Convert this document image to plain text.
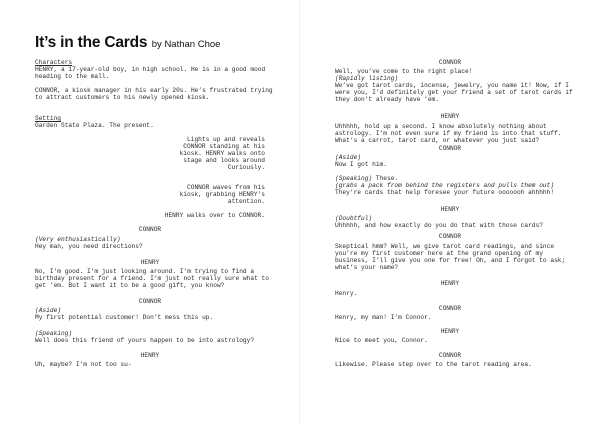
It’s in the Cards by Nathan Choe
Characters
HENRY, a 17-year-old boy, in high school. He is in a good mood
heading to the mall.
CONNOR, a kiosk manager in his early 20s. He’s frustrated trying
to attract customers to his newly opened kiosk.
Setting
Garden State Plaza. The present.
Lights up and reveals
CONNOR standing at his
kiosk. HENRY walks onto
stage and looks around
Curiously.
CONNOR waves from his
kiosk, grabbing HENRY’s
attention.
HENRY walks over to CONNOR.
CONNOR
(Very enthusiastically)
Hey man, you need directions?
HENRY
No, I’m good. I’m just looking around. I’m trying to find a
birthday present for a friend. I’m just not really sure what to
get ’em. But I want it to be a good gift, you know?
CONNOR
(Aside)
My first potential customer! Don’t mess this up.
(Speaking)
Well does this friend of yours happen to be into astrology?
HENRY
Uh, maybe? I’m not too su-
CONNOR
Well, you’ve come to the right place!
(Rapidly listing)
We’ve got tarot cards, incense, jewelry, you name it! Now, if I
were you, I’d definitely get your friend a set of tarot cards if
they don’t already have ’em.
HENRY
Uhhhhh, hold up a second. I know absolutely nothing about
astrology. I’m not even sure if my friend is into that stuff.
What’s a carrot, tarot card, or whatever you just said?
CONNOR
(Aside)
Now I got him.
(Speaking) These.
(grabs a pack from behind the registers and pulls them out)
They’re cards that help foresee your future ooooooh ahhhhh!
HENRY
(Doubtful)
Uhhhhh, and how exactly do you do that with those cards?
CONNOR
Skeptical hmm? Well, we give tarot card readings, and since
you’re my first customer here at the grand opening of my
business, I’ll give you one for free! Oh, and I forgot to ask;
what’s your name?
HENRY
Henry.
CONNOR
Henry, my man! I’m Connor.
HENRY
Nice to meet you, Connor.
CONNOR
Likewise. Please step over to the tarot reading area.
